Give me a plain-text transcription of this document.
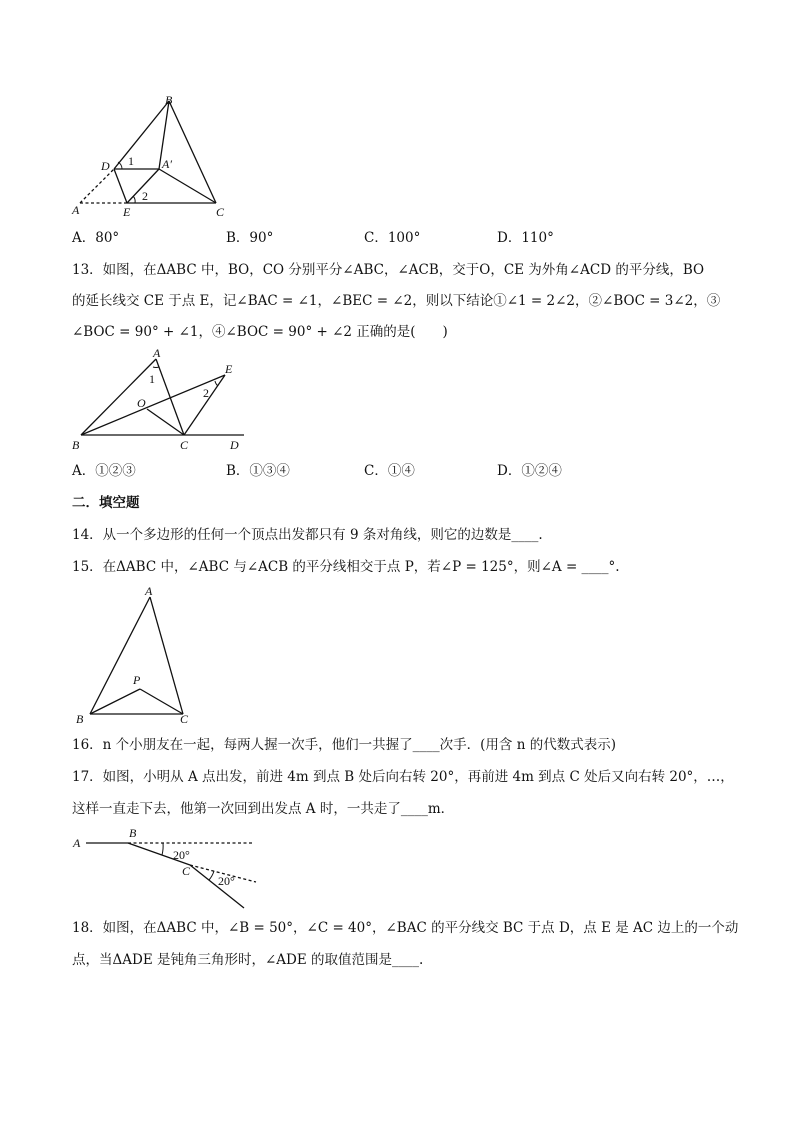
B
D	A′
1
2
A	E	C
A．80°	B．90°	C．100°	D．110°
13．如图，在ΔABC 中，BO，CO 分别平分∠ABC，∠ACB，交于O，CE 为外角∠ACD 的平分线，BO
的延长线交 CE 于点 E，记∠BAC = ∠1，∠BEC = ∠2，则以下结论①∠1 = 2∠2，②∠BOC = 3∠2，③
∠BOC = 90° + ∠1，④∠BOC = 90° + ∠2 正确的是(　　)
A
E
1
2
O
B	C	D
A．①②③	B．①③④	C．①④	D．①②④
二．填空题
14．从一个多边形的任何一个顶点出发都只有 9 条对角线，则它的边数是____.
15．在ΔABC 中，∠ABC 与∠ACB 的平分线相交于点 P，若∠P = 125°，则∠A = ____°.
A
P
B	C
16．n 个小朋友在一起，每两人握一次手，他们一共握了____次手．(用含 n 的代数式表示)
17．如图，小明从 A 点出发，前进 4m 到点 B 处后向右转 20°，再前进 4m 到点 C 处后又向右转 20°，…，
这样一直走下去，他第一次回到出发点 A 时，一共走了____m．
A
B
20°
C
20°
18．如图，在ΔABC 中，∠B = 50°，∠C = 40°，∠BAC 的平分线交 BC 于点 D，点 E 是 AC 边上的一个动
点，当ΔADE 是钝角三角形时，∠ADE 的取值范围是____.
